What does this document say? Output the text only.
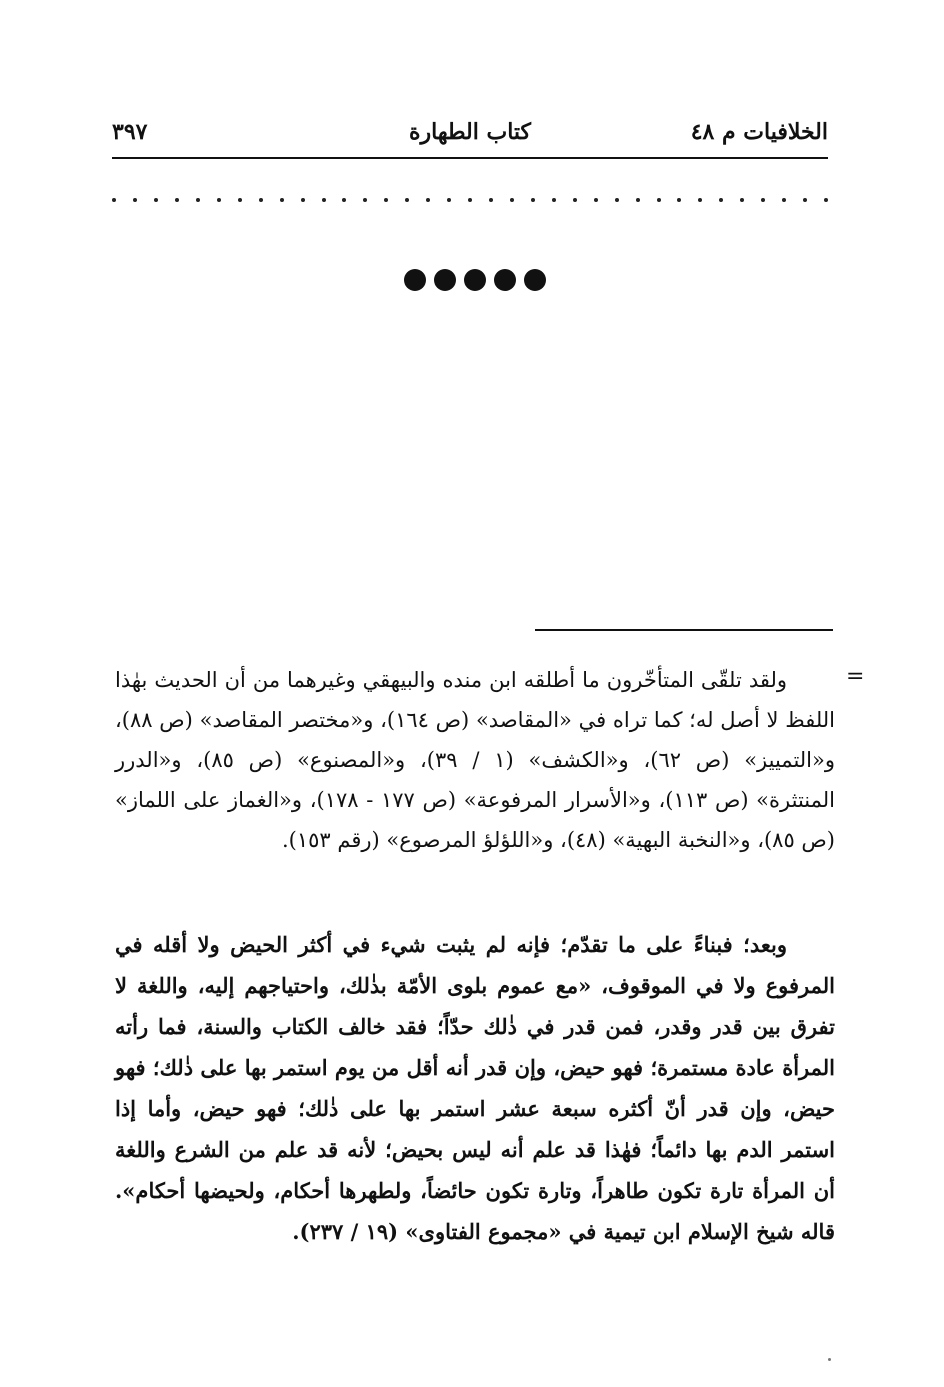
الخلافيات م ٤٨
كتاب الطهارة
٣٩٧
=

ولقد تلقّى المتأخّرون ما أطلقه ابن منده والبيهقي وغيرهما من أن الحديث بهٰذا اللفظ لا أصل له؛ كما تراه في «المقاصد» (ص ١٦٤)، و«مختصر المقاصد» (ص ٨٨)، و«التمييز» (ص ٦٢)، و«الكشف» (١ / ٣٩)، و«المصنوع» (ص ٨٥)، و«الدرر المنتثرة» (ص ١١٣)، و«الأسرار المرفوعة» (ص ١٧٧ - ١٧٨)، و«الغماز على اللماز» (ص ٨٥)، و«النخبة البهية» (٤٨)، و«اللؤلؤ المرصوع» (رقم ١٥٣).

وبعد؛ فبناءً على ما تقدّم؛ فإنه لم يثبت شيء في أكثر الحيض ولا أقله في المرفوع ولا في الموقوف، «مع عموم بلوى الأمّة بذٰلك، واحتياجهم إليه، واللغة لا تفرق بين قدر وقدر، فمن قدر في ذٰلك حدّاً؛ فقد خالف الكتاب والسنة، فما رأته المرأة عادة مستمرة؛ فهو حيض، وإن قدر أنه أقل من يوم استمر بها على ذٰلك؛ فهو حيض، وإن قدر أنّ أكثره سبعة عشر استمر بها على ذٰلك؛ فهو حيض، وأما إذا استمر الدم بها دائماً؛ فهٰذا قد علم أنه ليس بحيض؛ لأنه قد علم من الشرع واللغة أن المرأة تارة تكون طاهراً، وتارة تكون حائضاً، ولطهرها أحكام، ولحيضها أحكام». قاله شيخ الإسلام ابن تيمية في «مجموع الفتاوى» (١٩ / ٢٣٧).
